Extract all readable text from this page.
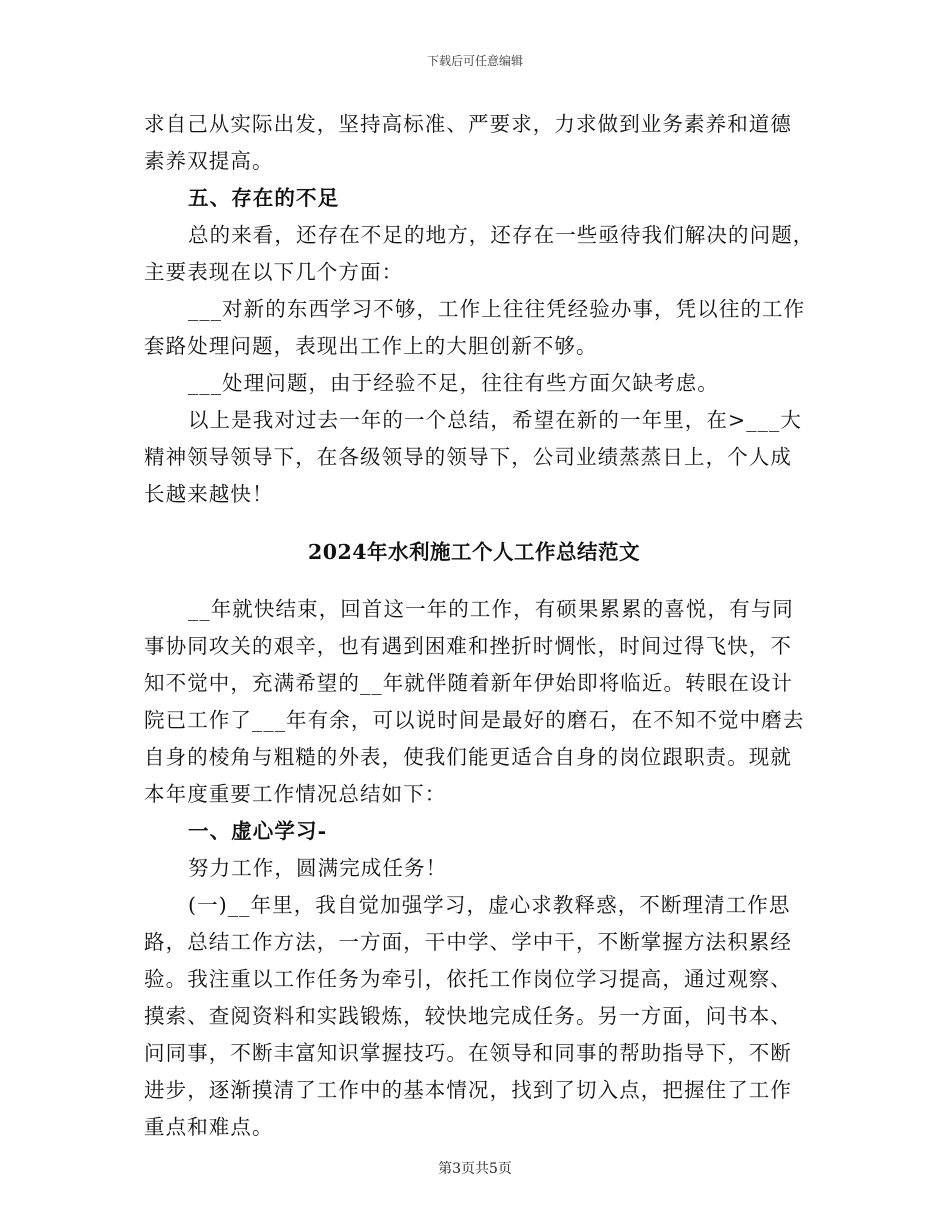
下载后可任意编辑

求自己从实际出发，坚持高标准、严要求，力求做到业务素养和道德

素养双提高。

五、存在的不足

总的来看，还存在不足的地方，还存在一些亟待我们解决的问题，

主要表现在以下几个方面：

___对新的东西学习不够，工作上往往凭经验办事，凭以往的工作

套路处理问题，表现出工作上的大胆创新不够。

___处理问题，由于经验不足，往往有些方面欠缺考虑。

以上是我对过去一年的一个总结，希望在新的一年里，在>___大

精神领导领导下，在各级领导的领导下，公司业绩蒸蒸日上，个人成

长越来越快！

2024年水利施工个人工作总结范文

__年就快结束，回首这一年的工作，有硕果累累的喜悦，有与同

事协同攻关的艰辛，也有遇到困难和挫折时惆怅，时间过得飞快，不

知不觉中，充满希望的__年就伴随着新年伊始即将临近。转眼在设计

院已工作了___年有余，可以说时间是最好的磨石，在不知不觉中磨去

自身的棱角与粗糙的外表，使我们能更适合自身的岗位跟职责。现就

本年度重要工作情况总结如下：

一、虚心学习-

努力工作，圆满完成任务！

(一)__年里，我自觉加强学习，虚心求教释惑，不断理清工作思

路，总结工作方法，一方面，干中学、学中干，不断掌握方法积累经

验。我注重以工作任务为牵引，依托工作岗位学习提高，通过观察、

摸索、查阅资料和实践锻炼，较快地完成任务。另一方面，问书本、

问同事，不断丰富知识掌握技巧。在领导和同事的帮助指导下，不断

进步，逐渐摸清了工作中的基本情况，找到了切入点，把握住了工作

重点和难点。

第3页共5页
